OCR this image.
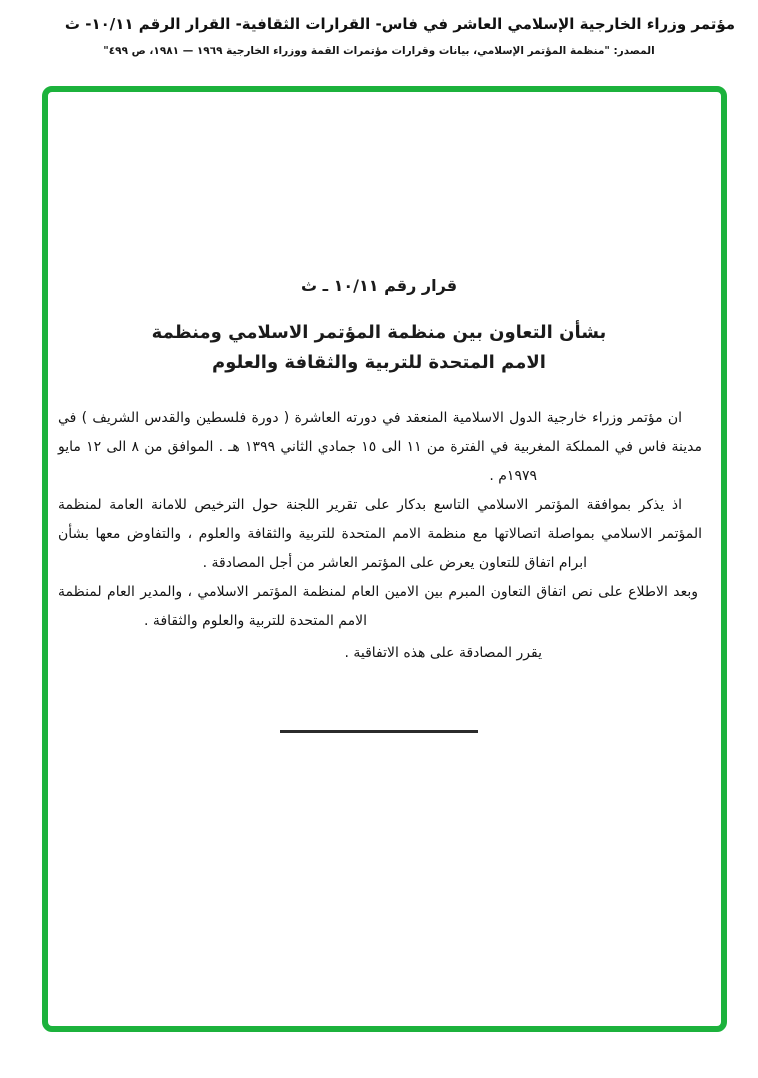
مؤتمر وزراء الخارجية الإسلامي العاشر في فاس- القرارات الثقافية- القرار الرقم ١٠/١١- ث
المصدر: "منظمة المؤتمر الإسلامي، بيانات وقرارات مؤتمرات القمة ووزراء الخارجية ١٩٦٩ — ١٩٨١، ص ٤٩٩"
قرار رقم ١٠/١١ ـ ث
بشأن التعاون بين منظمة المؤتمر الاسلامي ومنظمة
الامم المتحدة للتربية والثقافة والعلوم
ان مؤتمر وزراء خارجية الدول الاسلامية المنعقد في دورته العاشرة ( دورة فلسطين والقدس الشريف ) في
مدينة فاس في المملكة المغربية في الفترة من ١١ الى ١٥ جمادي الثاني ١٣٩٩ هـ . الموافق من ٨ الى ١٢ مايو
١٩٧٩م .
اذ يذكر بموافقة المؤتمر الاسلامي التاسع بدكار على تقرير اللجنة حول الترخيص للامانة العامة لمنظمة
المؤتمر الاسلامي بمواصلة اتصالاتها مع منظمة الامم المتحدة للتربية والثقافة والعلوم ، والتفاوض معها بشأن
ابرام اتفاق للتعاون يعرض على المؤتمر العاشر من أجل المصادقة .
وبعد الاطلاع على نص اتفاق التعاون المبرم بين الامين العام لمنظمة المؤتمر الاسلامي ، والمدير العام لمنظمة
الامم المتحدة للتربية والعلوم والثقافة .
يقرر المصادقة على هذه الاتفاقية .
